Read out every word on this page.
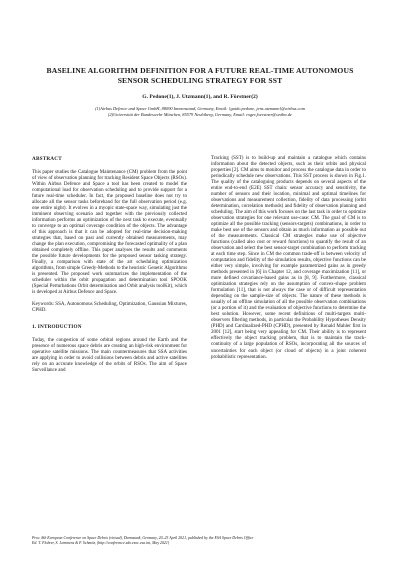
BASELINE ALGORITHM DEFINITION FOR A FUTURE REAL-TIME AUTONOMOUS
SENSOR SCHEDULING STRATEGY FOR SST
G. Pedone(1), J. Utzmann(1), and R. Förstner(2)
(1)Airbus Defence and Space GmbH, 88090 Immenstaad, Germany, Email: {guido.pedone, jens.utzmann}@airbus.com
(2)Universität der Bundeswehr München, 85579 Neubiberg, Germany, Email: roger.foerstner@unibw.de
ABSTRACT

This paper studies the Catalogue Maintenance (CM) problem from the point of view of observation planning for tracking Resident Space Objects (RSOs). Within Airbus Defence and Space a tool has been created to model the computational load for observation scheduling and to provide support for a future real-time scheduler. In fact, the proposed baseline does not try to allocate all the sensor tasks beforehand for the full observation period (e.g. one entire night). It evolves in a myopic state-space way, simulating just the imminent observing scenario and together with the previously collected information performs an optimization of the next task to execute, eventually to converge to an optimal coverage condition of the objects. The advantage of this approach is that it can be adopted for real-time decision-making strategies that, based on past and currently obtained measurements, may change the plan execution, compromising the forecasted optimality of a plan obtained completely offline. This paper analyses the results and comments the possible future developments for the proposed sensor tasking strategy. Finally, a comparison with state of the art scheduling optimization algorithms, from simple Greedy-Methods to the heuristic Genetic Algorithms is presented. The proposed work summarizes the implementation of the scheduler within the orbit propagation and determination tool SPOOK (Special Perturbations Orbit determination and Orbit analysis toolKit), which is developed at Airbus Defence and Space.

Keywords: SSA, Autonomous Scheduling, Optimization, Gaussian Mixtures, CPHD.

1. INTRODUCTION

Today, the congestion of some orbital regions around the Earth and the presence of numerous space debris are creating an high-risk environment for operative satellite missions. The main countermeasures that SSA activities are applying in order to avoid collisions between debris and active satellites rely on an accurate knowledge of the orbits of RSOs. The aim of Space Surveillance and

Tracking (SST) is to build-up and maintain a catalogue which contains information about the detected objects, such as their orbits and physical properties [2]. CM aims to monitor and process the catalogue data in order to periodically schedule new observations. This SST process is shown in Fig.1. The quality of the cataloguing products depends on several aspects of the entire end-to-end (E2E) SST chain: sensor accuracy and sensitivity, the number of sensors and their location, minimal and optimal timelines for observations and measurement collection, fidelity of data processing (orbit determination, correlation methods) and fidelity of observation planning and scheduling. The aim of this work focuses on the last task in order to optimize observation strategies for one relevant use-case: CM. The goal of CM is to optimize all the possible tracking (sensors-targets) combinations, in order to make best use of the sensors and obtain as much information as possible out of the measurements. Classical CM strategies make use of objective functions (called also cost or reward functions) to quantify the result of an observation and select the best sensor-target combination to perform tracking at each time step. Since in CM the common trade-off is between velocity of computation and fidelity of the simulation results, objective functions can be either very simple, involving for example parametrized gains as in greedy methods presented in [6] in Chapter 12, and coverage maximization [11], or more defined covariance-based gains as in [8, 9]. Furthermore, classical optimization strategies rely on the assumption of convex-shape problem formulation [11], that is not always the case or of difficult representation depending on the sample-size of objects. The nature of these methods is usually of an offline simulation of all the possible observation combinations (or a portion of it) and the evaluation of objective functions to determine the best solution. However, some recent definitions of multi-targets multi-observers filtering methods, in particular the Probability Hypotheses Density (PHD) and Cardinalized-PHD (CPHD), presented by Ronald Mahler first in 2001 [12], start being very appealing for CM. Their ability is to represent effectively the object tracking problem, that is to maintain the track-continuity of a large population of RSOs, incorporating all the sources of uncertainties for each object (or cloud of objects) in a joint coherent probabilistic representation.

Proc. 8th European Conference on Space Debris (virtual), Darmstadt, Germany, 20–23 April 2021, published by the ESA Space Debris Office
Ed. T. Flohrer, S. Lemmens & F. Schmitz, (http://conference.sdo.esoc.esa.int, May 2021)
